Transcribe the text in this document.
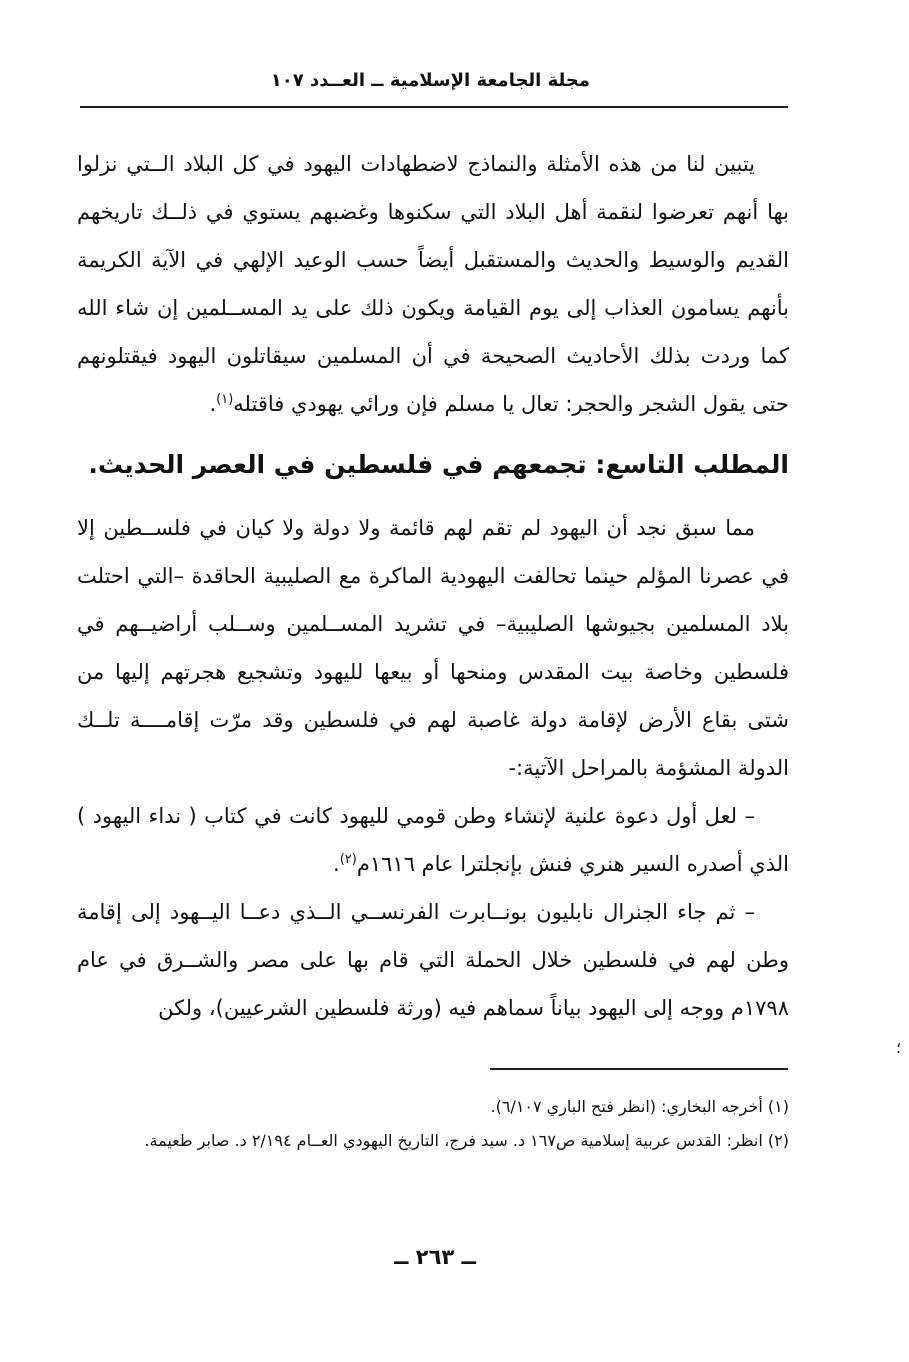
مجلة الجامعة الإسلامية ــ العــدد ١٠٧

يتبين لنا من هذه الأمثلة والنماذج لاضطهادات اليهود في كل البلاد الــتي نزلوا بها أنهم تعرضوا لنقمة أهل البلاد التي سكنوها وغضبهم يستوي في ذلــك تاريخهم القديم والوسيط والحديث والمستقبل أيضاً حسب الوعيد الإلهي في الآية الكريمة بأنهم يسامون العذاب إلى يوم القيامة ويكون ذلك على يد المســلمين إن شاء الله كما وردت بذلك الأحاديث الصحيحة في أن المسلمين سيقاتلون اليهود فيقتلونهم حتى يقول الشجر والحجر: تعال يا مسلم فإن ورائي يهودي فاقتله$^{(١)}$.

المطلب التاسع: تجمعهم في فلسطين في العصر الحديث.

مما سبق نجد أن اليهود لم تقم لهم قائمة ولا دولة ولا كيان في فلســطين إلا في عصرنا المؤلم حينما تحالفت اليهودية الماكرة مع الصليبية الحاقدة –التي احتلت بلاد المسلمين بجيوشها الصليبية– في تشريد المســلمين وســلب أراضيــهم في فلسطين وخاصة بيت المقدس ومنحها أو بيعها لليهود وتشجيع هجرتهم إليها من شتى بقاع الأرض لإقامة دولة غاصبة لهم في فلسطين وقد مرّت إقامــــة تلــك الدولة المشؤمة بالمراحل الآتية:-

– لعل أول دعوة علنية لإنشاء وطن قومي لليهود كانت في كتاب ( نداء اليهود ) الذي أصدره السير هنري فنش بإنجلترا عام ١٦١٦م$^{(٢)}$.

– ثم جاء الجنرال نابليون بونــابرت الفرنســي الــذي دعــا اليــهود إلى إقامة وطن لهم في فلسطين خلال الحملة التي قام بها على مصر والشــرق في عام ١٧٩٨م ووجه إلى اليهود بياناً سماهم فيه (ورثة فلسطين الشرعيين)، ولكن

؛

(١) أخرجه البخاري: (انظر فتح الباري ٦/١٠٧).

(٢) انظر: القدس عربية إسلامية ص١٦٧ د. سيد فرج، التاريخ اليهودي العــام ٢/١٩٤ د. صابر طعيمة.

ــ ٢٦٣ ــ
